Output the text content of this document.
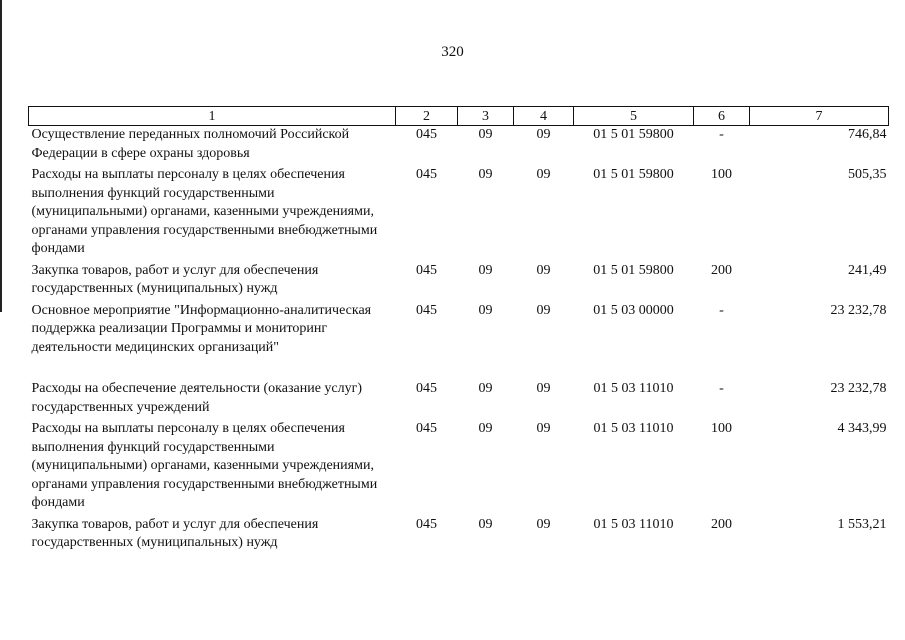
320
1	2	3	4	5	6	7
Осуществление переданных полномочий Российской Федерации в сфере охраны здоровья	045	09	09	01 5 01 59800	-	746,84
Расходы на выплаты персоналу в целях обеспечения выполнения функций государственными (муниципальными) органами, казенными учреждениями, органами управления государственными внебюджетными фондами	045	09	09	01 5 01 59800	100	505,35
Закупка товаров, работ и услуг для обеспечения государственных (муниципальных) нужд	045	09	09	01 5 01 59800	200	241,49
Основное мероприятие "Информационно-аналитическая поддержка реализации Программы и мониторинг деятельности медицинских организаций"	045	09	09	01 5 03 00000	-	23 232,78

Расходы на обеспечение деятельности (оказание услуг) государственных учреждений	045	09	09	01 5 03 11010	-	23 232,78
Расходы на выплаты персоналу в целях обеспечения выполнения функций государственными (муниципальными) органами, казенными учреждениями, органами управления государственными внебюджетными фондами	045	09	09	01 5 03 11010	100	4 343,99
Закупка товаров, работ и услуг для обеспечения государственных (муниципальных) нужд	045	09	09	01 5 03 11010	200	1 553,21
